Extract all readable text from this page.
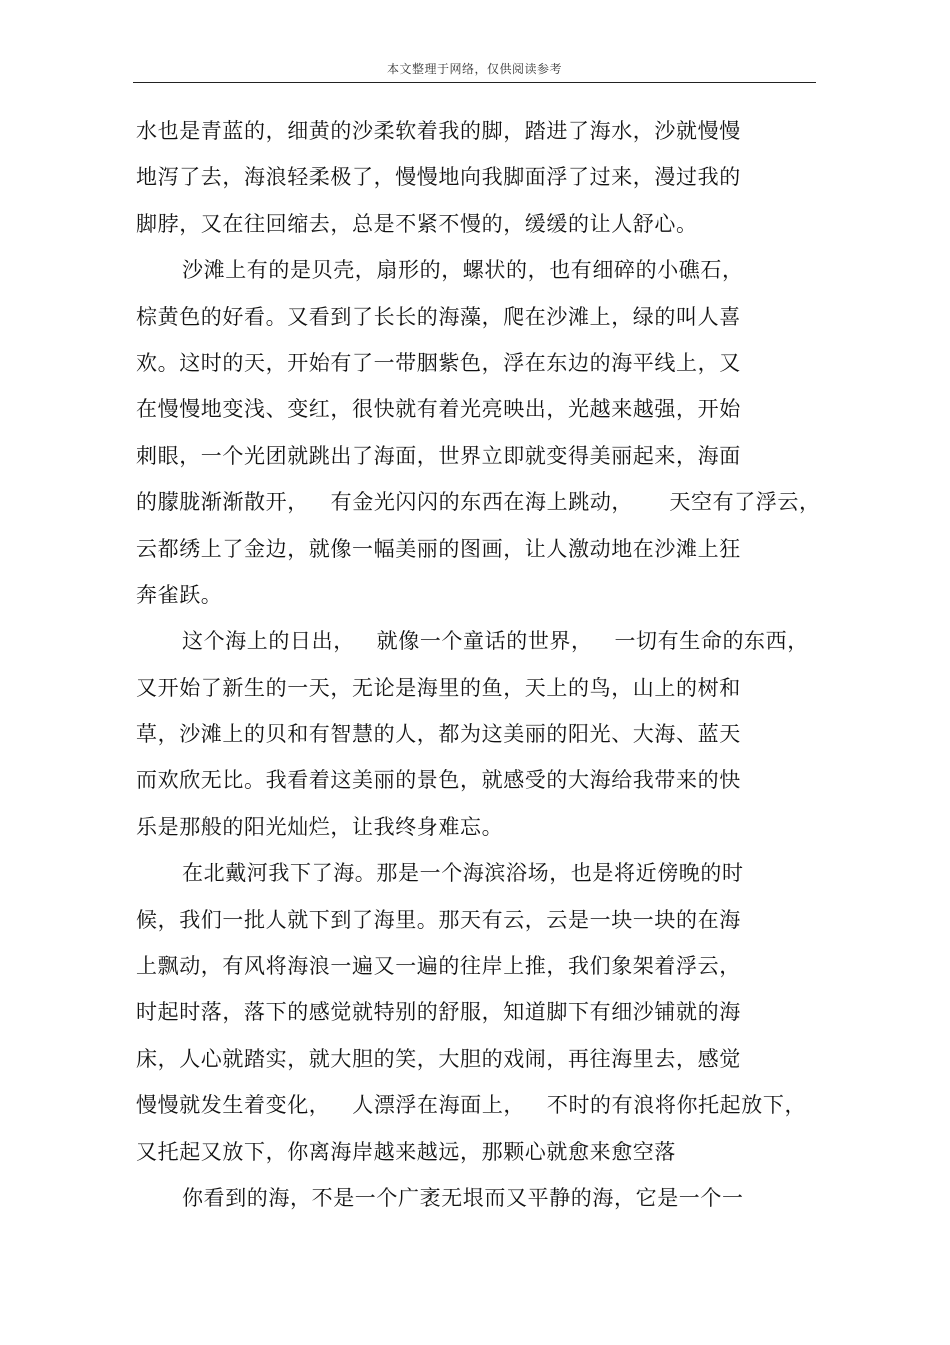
本文整理于网络，仅供阅读参考
水也是青蓝的，细黄的沙柔软着我的脚，踏进了海水，沙就慢慢
地泻了去，海浪轻柔极了，慢慢地向我脚面浮了过来，漫过我的
脚脖，又在往回缩去，总是不紧不慢的，缓缓的让人舒心。
沙滩上有的是贝壳，扇形的，螺状的，也有细碎的小礁石，
棕黄色的好看。又看到了长长的海藻，爬在沙滩上，绿的叫人喜
欢。这时的天，开始有了一带胭紫色，浮在东边的海平线上，又
在慢慢地变浅、变红，很快就有着光亮映出，光越来越强，开始
刺眼，一个光团就跳出了海面，世界立即就变得美丽起来，海面
的朦胧渐渐散开，   有金光闪闪的东西在海上跳动，     天空有了浮云，
云都绣上了金边，就像一幅美丽的图画，让人激动地在沙滩上狂
奔雀跃。
这个海上的日出，   就像一个童话的世界，   一切有生命的东西，
又开始了新生的一天，无论是海里的鱼，天上的鸟，山上的树和
草，沙滩上的贝和有智慧的人，都为这美丽的阳光、大海、蓝天
而欢欣无比。我看着这美丽的景色，就感受的大海给我带来的快
乐是那般的阳光灿烂，让我终身难忘。
在北戴河我下了海。那是一个海滨浴场，也是将近傍晚的时
候，我们一批人就下到了海里。那天有云，云是一块一块的在海
上飘动，有风将海浪一遍又一遍的往岸上推，我们象架着浮云，
时起时落，落下的感觉就特别的舒服，知道脚下有细沙铺就的海
床，人心就踏实，就大胆的笑，大胆的戏闹，再往海里去，感觉
慢慢就发生着变化，   人漂浮在海面上，   不时的有浪将你托起放下，
又托起又放下，你离海岸越来越远，那颗心就愈来愈空落
你看到的海，不是一个广袤无垠而又平静的海，它是一个一
